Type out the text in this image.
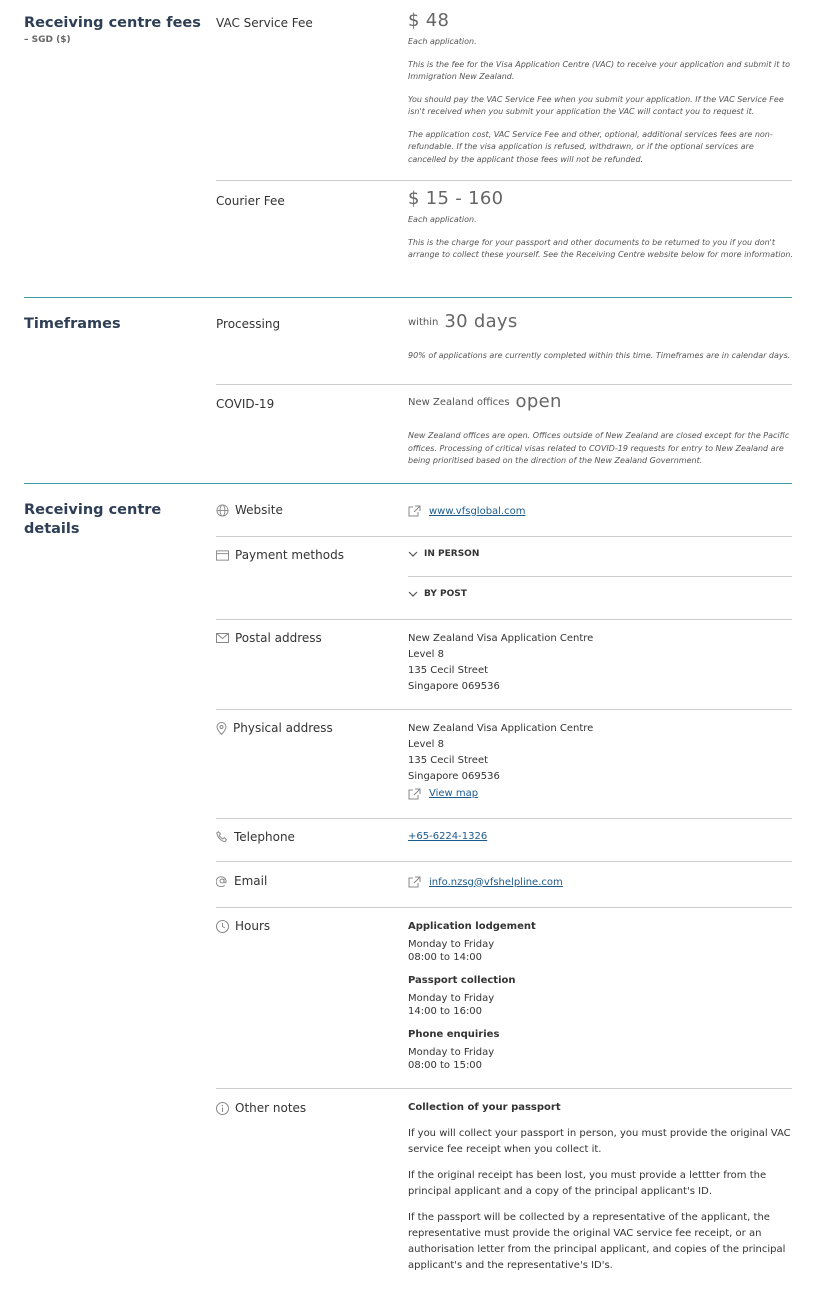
Receiving centre fees
– SGD ($)
VAC Service Fee	$ 48
Each application.
This is the fee for the Visa Application Centre (VAC) to receive your application and submit it to Immigration New Zealand.
You should pay the VAC Service Fee when you submit your application. If the VAC Service Fee isn't received when you submit your application the VAC will contact you to request it.
The application cost, VAC Service Fee and other, optional, additional services fees are non-refundable. If the visa application is refused, withdrawn, or if the optional services are cancelled by the applicant those fees will not be refunded.
Courier Fee	$ 15 - 160
Each application.
This is the charge for your passport and other documents to be returned to you if you don't arrange to collect these yourself. See the Receiving Centre website below for more information.
Timeframes	Processing	within 30 days
90% of applications are currently completed within this time. Timeframes are in calendar days.
COVID-19	New Zealand offices open
New Zealand offices are open. Offices outside of New Zealand are closed except for the Pacific offices. Processing of critical visas related to COVID-19 requests for entry to New Zealand are being prioritised based on the direction of the New Zealand Government.
Receiving centre details
Website	www.vfsglobal.com
Payment methods	IN PERSON
BY POST
Postal address	New Zealand Visa Application Centre
Level 8
135 Cecil Street
Singapore 069536
Physical address	New Zealand Visa Application Centre
Level 8
135 Cecil Street
Singapore 069536
View map
Telephone	+65-6224-1326
Email	info.nzsg@vfshelpline.com
Hours	Application lodgement
Monday to Friday
08:00 to 14:00
Passport collection
Monday to Friday
14:00 to 16:00
Phone enquiries
Monday to Friday
08:00 to 15:00
Other notes	Collection of your passport
If you will collect your passport in person, you must provide the original VAC service fee receipt when you collect it.
If the original receipt has been lost, you must provide a lettter from the principal applicant and a copy of the principal applicant's ID.
If the passport will be collected by a representative of the applicant, the representative must provide the original VAC service fee receipt, or an authorisation letter from the principal applicant, and copies of the principal applicant's and the representative's ID's.
